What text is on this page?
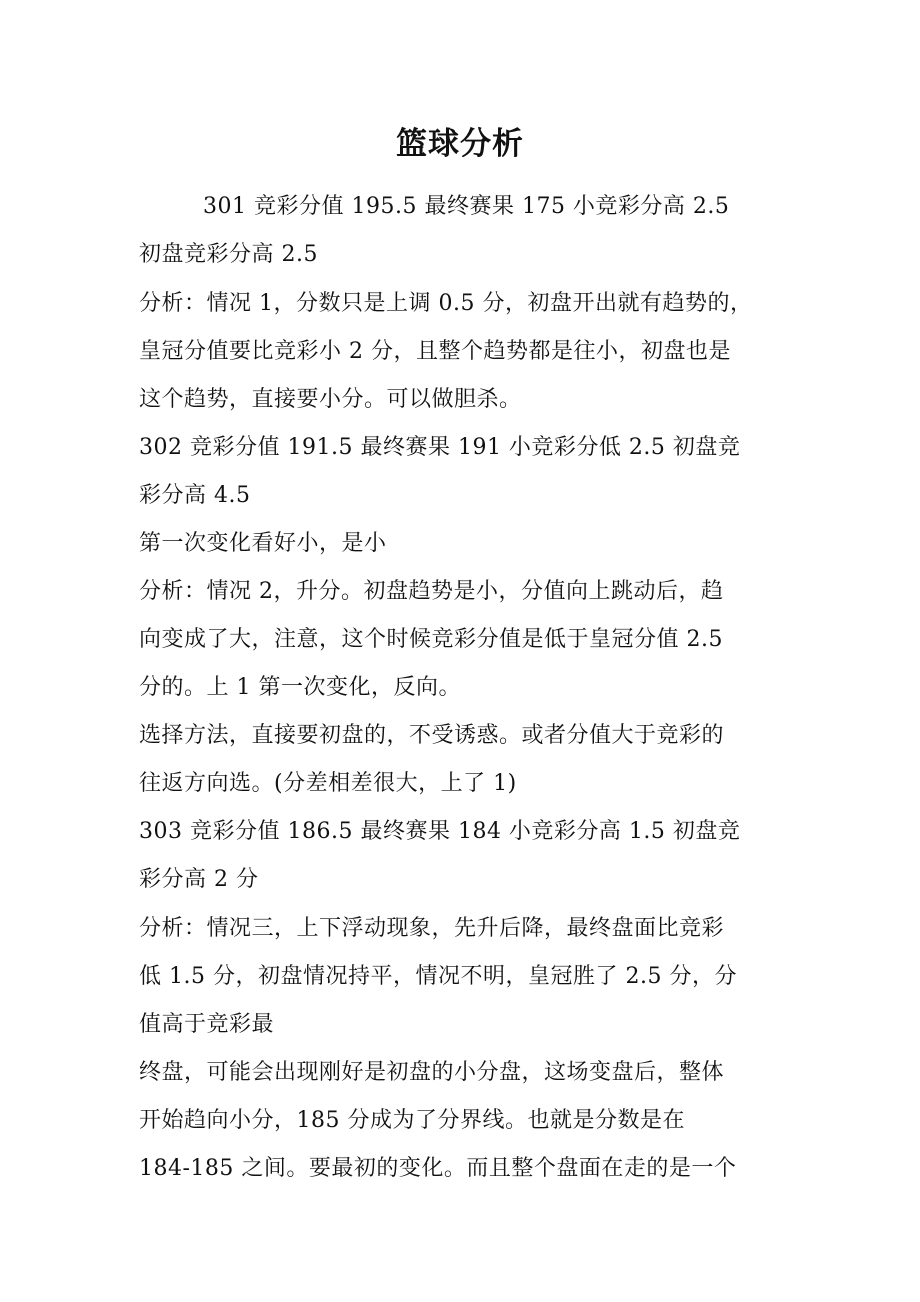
篮球分析
301 竞彩分值 195.5 最终赛果 175 小竞彩分高 2.5
初盘竞彩分高 2.5
分析：情况 1，分数只是上调 0.5 分，初盘开出就有趋势的，
皇冠分值要比竞彩小 2 分，且整个趋势都是往小，初盘也是
这个趋势，直接要小分。可以做胆杀。
302 竞彩分值 191.5 最终赛果 191 小竞彩分低 2.5 初盘竞
彩分高 4.5
第一次变化看好小，是小
分析：情况 2，升分。初盘趋势是小，分值向上跳动后，趋
向变成了大，注意，这个时候竞彩分值是低于皇冠分值 2.5
分的。上 1 第一次变化，反向。
选择方法，直接要初盘的，不受诱惑。或者分值大于竞彩的
往返方向选。(分差相差很大，上了 1)
303 竞彩分值 186.5 最终赛果 184 小竞彩分高 1.5 初盘竞
彩分高 2 分
分析：情况三，上下浮动现象，先升后降，最终盘面比竞彩
低 1.5 分，初盘情况持平，情况不明，皇冠胜了 2.5 分，分
值高于竞彩最
终盘，可能会出现刚好是初盘的小分盘，这场变盘后，整体
开始趋向小分，185 分成为了分界线。也就是分数是在
184-185 之间。要最初的变化。而且整个盘面在走的是一个
